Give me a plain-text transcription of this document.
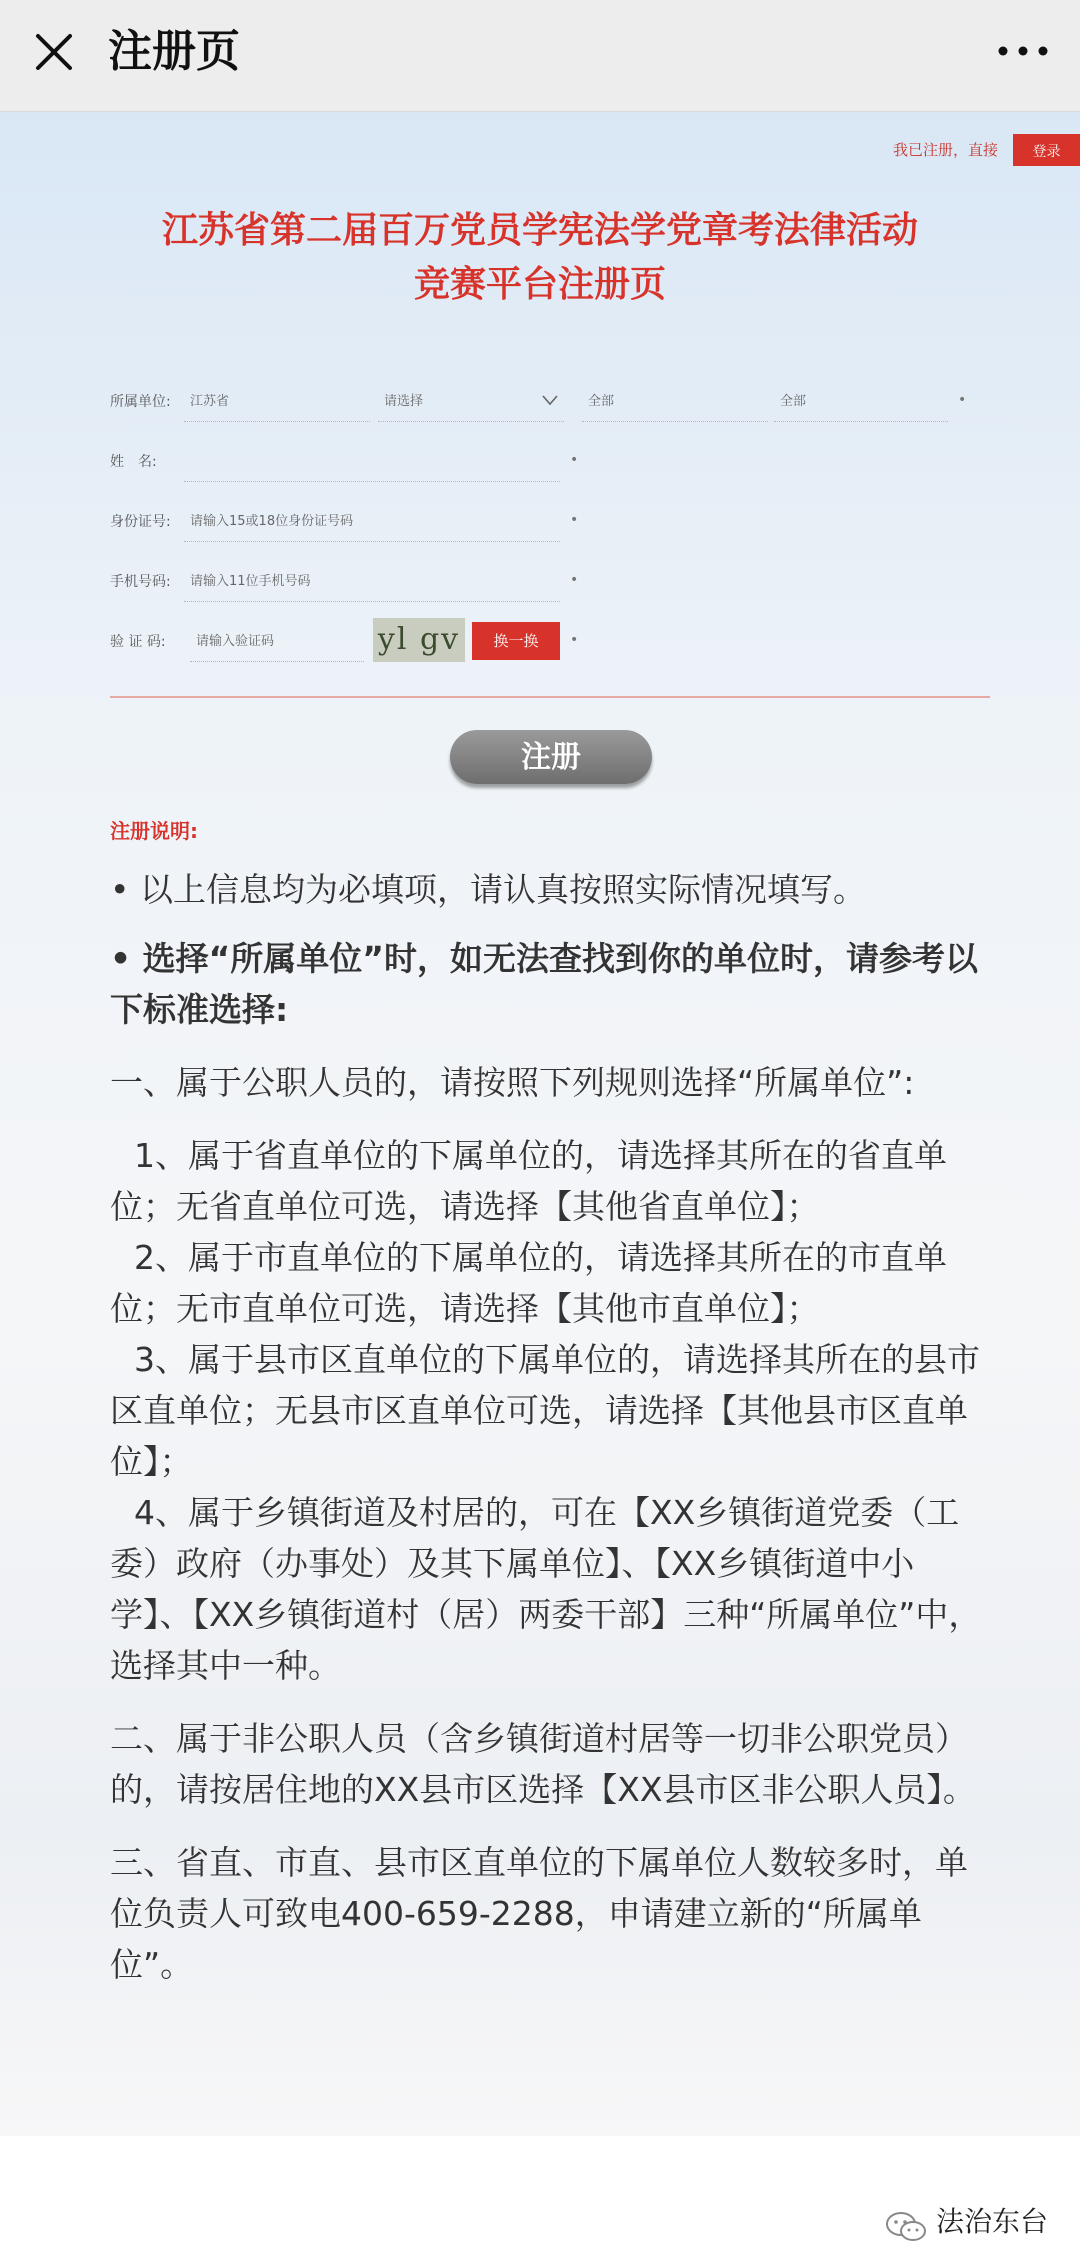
注册页
我已注册，直接	登录
江苏省第二届百万党员学宪法学党章考法律活动
竞赛平台注册页
所属单位:	江苏省	请选择	全部	全部	•
姓　名:	•
身份证号:	请输入15或18位身份证号码	•
手机号码:	请输入11位手机号码	•
验 证 码:	请输入验证码	yl gv	换一换	•
注册
注册说明:

• 以上信息均为必填项，请认真按照实际情况填写。

• 选择“所属单位”时，如无法查找到你的单位时，请参考以下标准选择:

一、属于公职人员的，请按照下列规则选择“所属单位”:

1、属于省直单位的下属单位的，请选择其所在的省直单位；无省直单位可选，请选择【其他省直单位】；

2、属于市直单位的下属单位的，请选择其所在的市直单位；无市直单位可选，请选择【其他市直单位】；

3、属于县市区直单位的下属单位的，请选择其所在的县市区直单位；无县市区直单位可选，请选择【其他县市区直单位】；

4、属于乡镇街道及村居的，可在【XX乡镇街道党委（工委）政府（办事处）及其下属单位】、【XX乡镇街道中小学】、【XX乡镇街道村（居）两委干部】三种“所属单位”中，选择其中一种。

二、属于非公职人员（含乡镇街道村居等一切非公职党员）的，请按居住地的XX县市区选择【XX县市区非公职人员】。

三、省直、市直、县市区直单位的下属单位人数较多时，单位负责人可致电400-659-2288，申请建立新的“所属单位”。

法治东台
